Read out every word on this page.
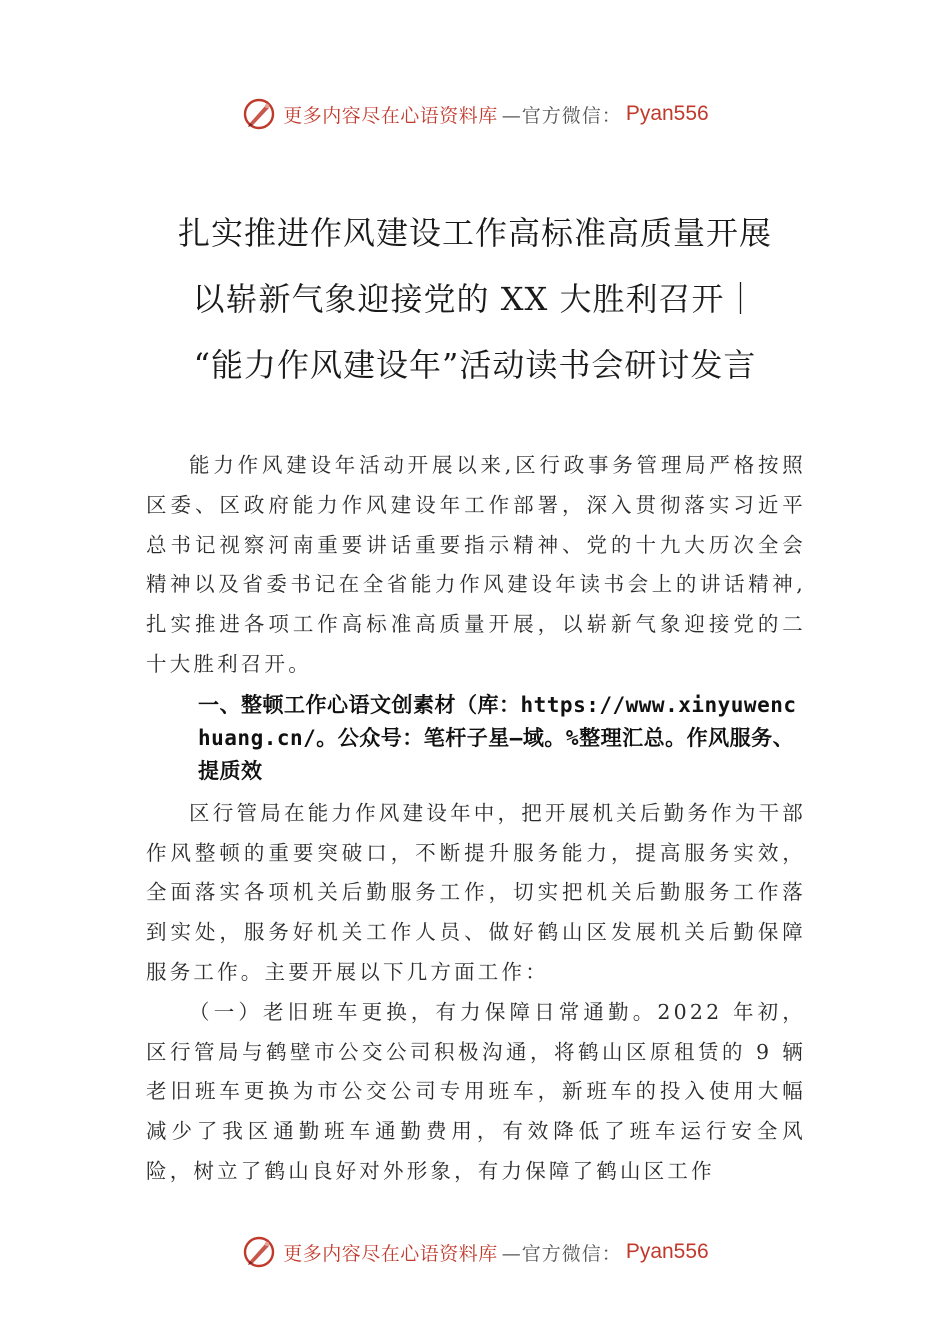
更多内容尽在心语资料库 —官方微信： Pyan556
扎实推进作风建设工作高标准高质量开展
以崭新气象迎接党的 XX 大胜利召开｜
“能力作风建设年”活动读书会研讨发言

能力作风建设年活动开展以来,区行政事务管理局严格按照区委、区政府能力作风建设年工作部署，深入贯彻落实习近平总书记视察河南重要讲话重要指示精神、党的十九大历次全会精神以及省委书记在全省能力作风建设年读书会上的讲话精神,扎实推进各项工作高标准高质量开展，以崭新气象迎接党的二十大胜利召开。

一、整顿工作心语文创素材（库：https://www.xinyuwenchuang.cn/。公众号：笔杆子星—域。%整理汇总。作风服务、提质效

区行管局在能力作风建设年中，把开展机关后勤务作为干部作风整顿的重要突破口，不断提升服务能力，提高服务实效，全面落实各项机关后勤服务工作，切实把机关后勤服务工作落到实处，服务好机关工作人员、做好鹤山区发展机关后勤保障服务工作。主要开展以下几方面工作：

（一）老旧班车更换，有力保障日常通勤。2022 年初，区行管局与鹤壁市公交公司积极沟通，将鹤山区原租赁的 9 辆老旧班车更换为市公交公司专用班车，新班车的投入使用大幅减少了我区通勤班车通勤费用，有效降低了班车运行安全风险，树立了鹤山良好对外形象，有力保障了鹤山区工作

更多内容尽在心语资料库 —官方微信： Pyan556
